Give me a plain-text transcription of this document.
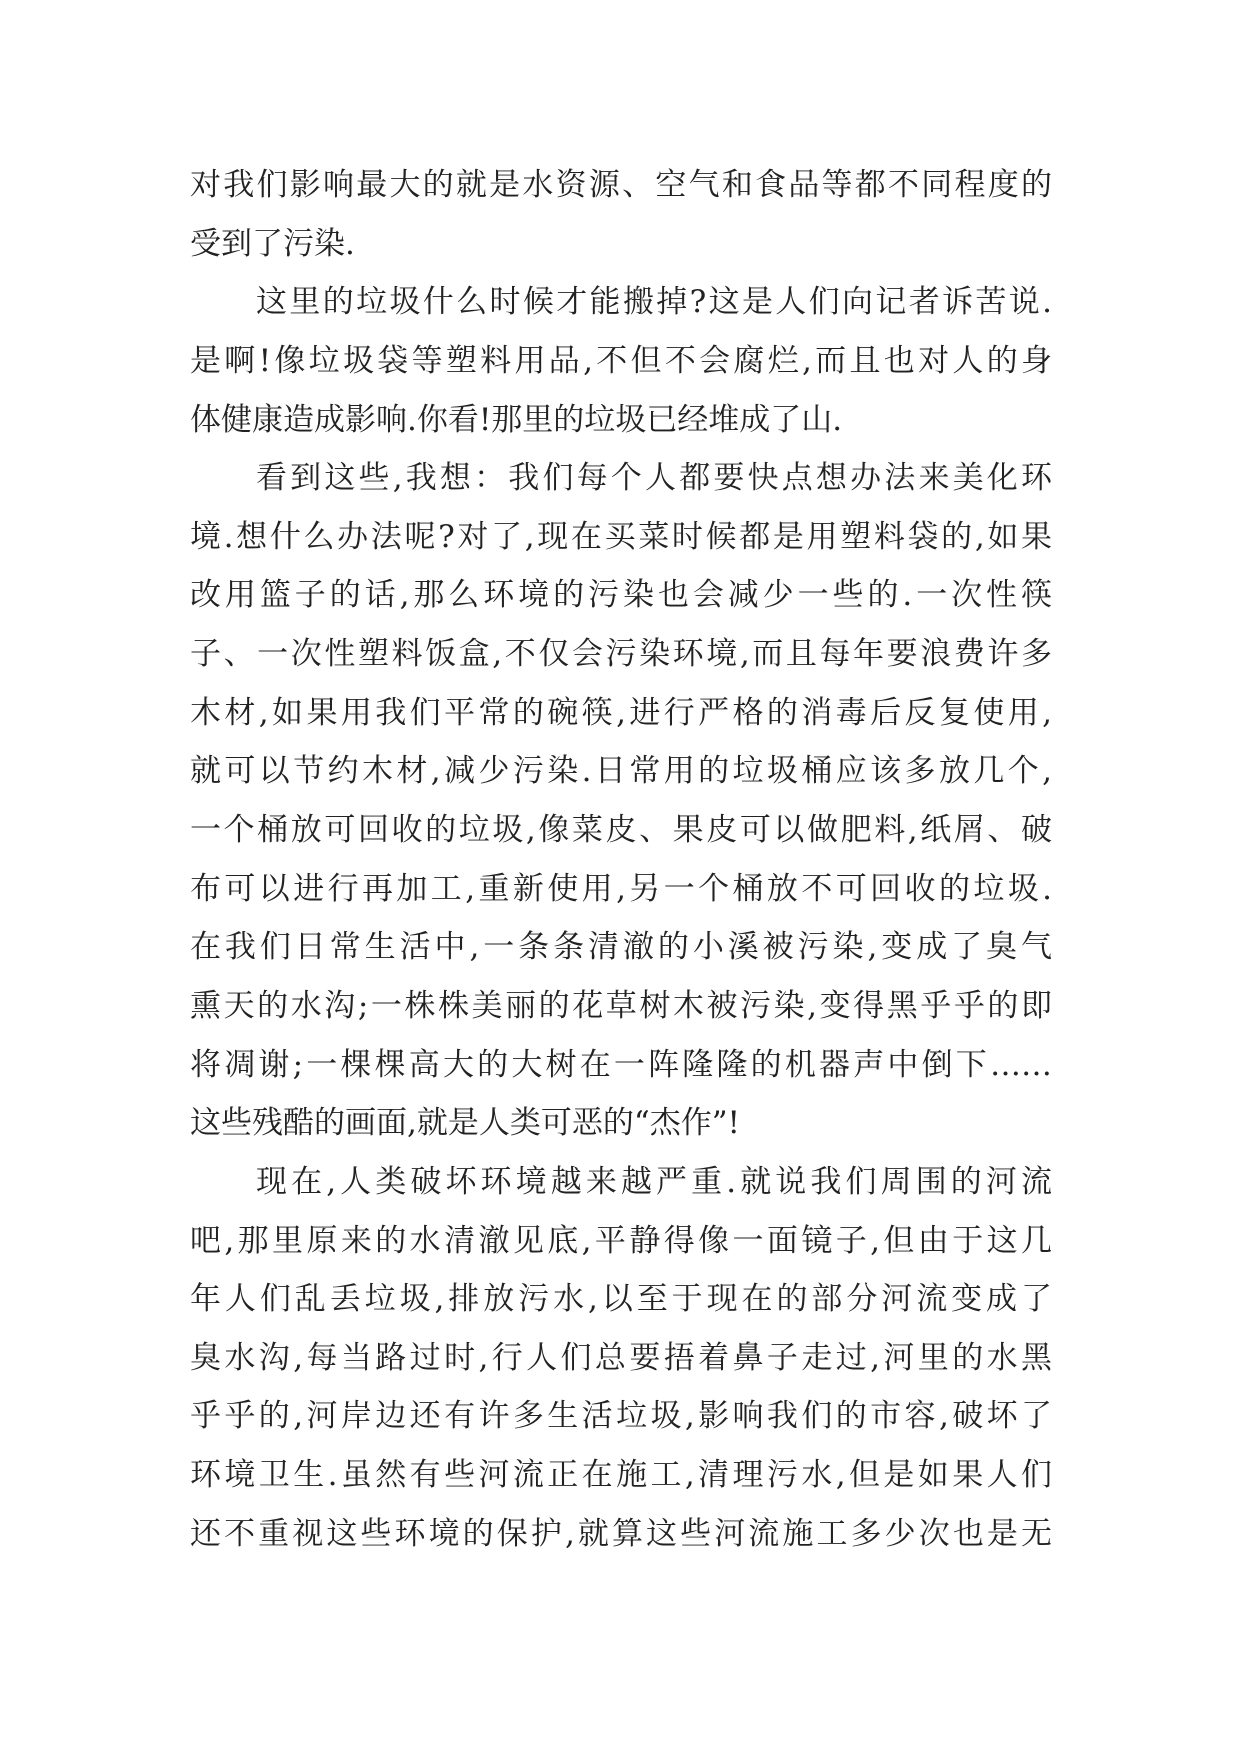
对我们影响最大的就是水资源、空气和食品等都不同程度的
受到了污染.
这里的垃圾什么时候才能搬掉?这是人们向记者诉苦说.
是啊!像垃圾袋等塑料用品,不但不会腐烂,而且也对人的身
体健康造成影响.你看!那里的垃圾已经堆成了山.
看到这些,我想：我们每个人都要快点想办法来美化环
境.想什么办法呢?对了,现在买菜时候都是用塑料袋的,如果
改用篮子的话,那么环境的污染也会减少一些的.一次性筷
子、一次性塑料饭盒,不仅会污染环境,而且每年要浪费许多
木材,如果用我们平常的碗筷,进行严格的消毒后反复使用,
就可以节约木材,减少污染.日常用的垃圾桶应该多放几个,
一个桶放可回收的垃圾,像菜皮、果皮可以做肥料,纸屑、破
布可以进行再加工,重新使用,另一个桶放不可回收的垃圾.
在我们日常生活中,一条条清澈的小溪被污染,变成了臭气
熏天的水沟;一株株美丽的花草树木被污染,变得黑乎乎的即
将凋谢;一棵棵高大的大树在一阵隆隆的机器声中倒下……
这些残酷的画面,就是人类可恶的“杰作”!
现在,人类破坏环境越来越严重.就说我们周围的河流
吧,那里原来的水清澈见底,平静得像一面镜子,但由于这几
年人们乱丢垃圾,排放污水,以至于现在的部分河流变成了
臭水沟,每当路过时,行人们总要捂着鼻子走过,河里的水黑
乎乎的,河岸边还有许多生活垃圾,影响我们的市容,破坏了
环境卫生.虽然有些河流正在施工,清理污水,但是如果人们
还不重视这些环境的保护,就算这些河流施工多少次也是无
